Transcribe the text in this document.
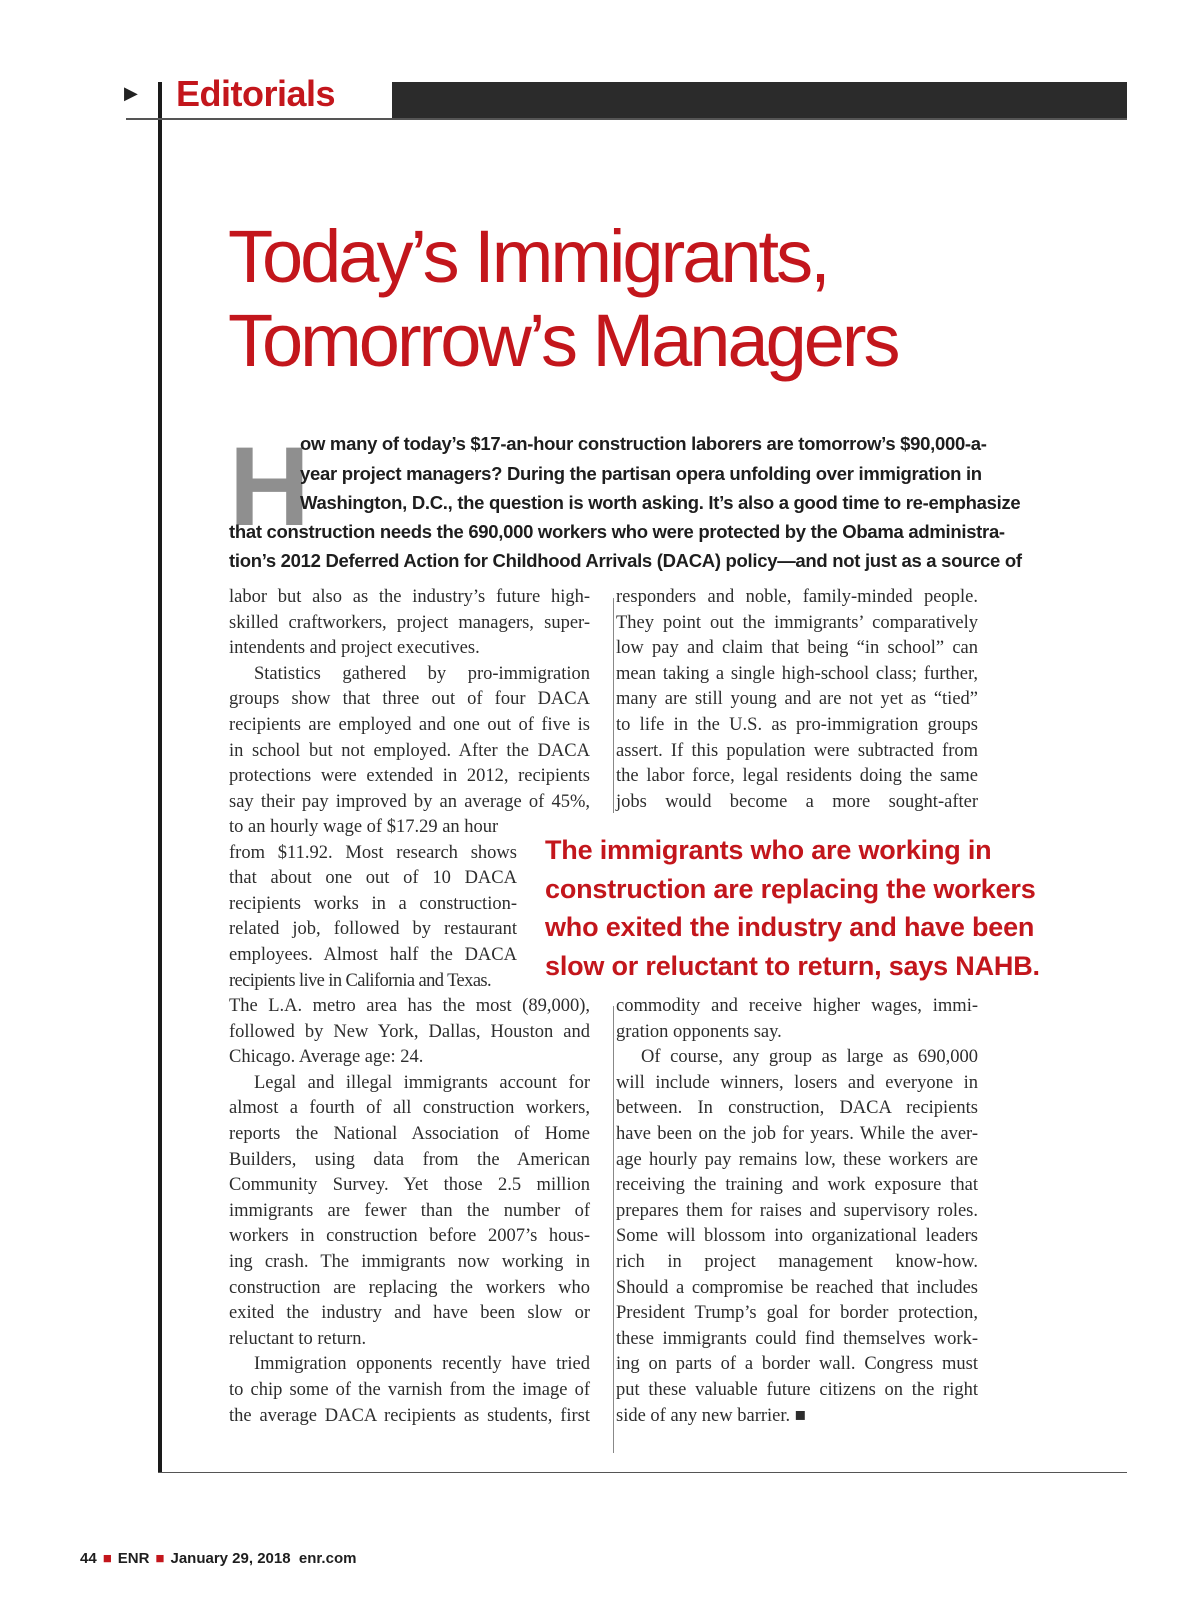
▶ Editorials
Today’s Immigrants,
Tomorrow’s Managers
H
ow many of today’s $17-an-hour construction laborers are tomorrow’s $90,000-a-
year project managers? During the partisan opera unfolding over immigration in
Washington, D.C., the question is worth asking. It’s also a good time to re-emphasize
that construction needs the 690,000 workers who were protected by the Obama administra-
tion’s 2012 Deferred Action for Childhood Arrivals (DACA) policy—and not just as a source of
labor but also as the industry’s future high-
skilled craftworkers, project managers, super-
intendents and project executives.
Statistics gathered by pro-immigration
groups show that three out of four DACA
recipients are employed and one out of five is
in school but not employed. After the DACA
protections were extended in 2012, recipients
say their pay improved by an average of 45%,
to an hourly wage of $17.29 an hour
from $11.92. Most research shows
that about one out of 10 DACA
recipients works in a construction-
related job, followed by restaurant
employees. Almost half the DACA
recipients live in California and Texas.
The L.A. metro area has the most (89,000),
followed by New York, Dallas, Houston and
Chicago. Average age: 24.
Legal and illegal immigrants account for
almost a fourth of all construction workers,
reports the National Association of Home
Builders, using data from the American
Community Survey. Yet those 2.5 million
immigrants are fewer than the number of
workers in construction before 2007’s hous-
ing crash. The immigrants now working in
construction are replacing the workers who
exited the industry and have been slow or
reluctant to return.
Immigration opponents recently have tried
to chip some of the varnish from the image of
the average DACA recipients as students, first
responders and noble, family-minded people.
They point out the immigrants’ comparatively
low pay and claim that being “in school” can
mean taking a single high-school class; further,
many are still young and are not yet as “tied”
to life in the U.S. as pro-immigration groups
assert. If this population were subtracted from
the labor force, legal residents doing the same
jobs would become a more sought-after
The immigrants who are working in
construction are replacing the workers
who exited the industry and have been
slow or reluctant to return, says NAHB.
commodity and receive higher wages, immi-
gration opponents say.
Of course, any group as large as 690,000
will include winners, losers and everyone in
between. In construction, DACA recipients
have been on the job for years. While the aver-
age hourly pay remains low, these workers are
receiving the training and work exposure that
prepares them for raises and supervisory roles.
Some will blossom into organizational leaders
rich in project management know-how.
Should a compromise be reached that includes
President Trump’s goal for border protection,
these immigrants could find themselves work-
ing on parts of a border wall. Congress must
put these valuable future citizens on the right
side of any new barrier. ■
44 ■ ENR ■ January 29, 2018 enr.com
